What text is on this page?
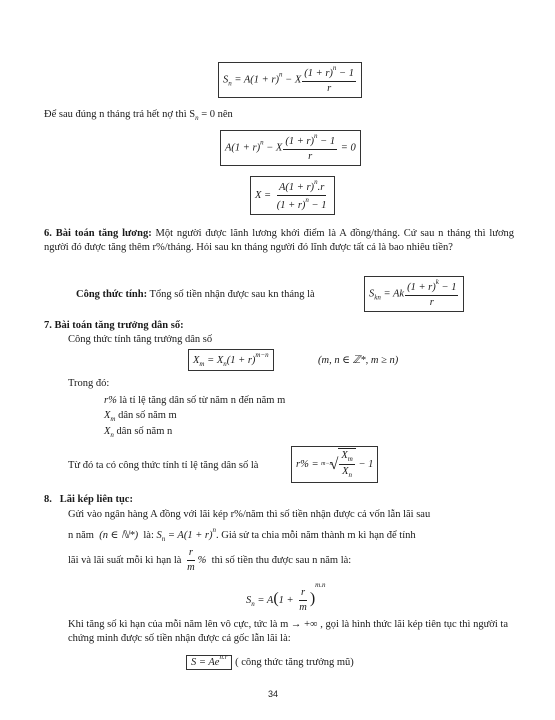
$S_n = A(1 + r)^n - X \frac{(1 + r)^n - 1}{r}$
Để sau đúng n tháng trả hết nợ thì $S_n = 0$ nên
$A(1 + r)^n - X \frac{(1 + r)^n - 1}{r} = 0$
$X = \frac{A(1 + r)^n.r}{(1 + r)^n - 1}$
6. Bài toán tăng lương: Một người được lãnh lương khởi điểm là A đồng/tháng. Cứ sau n tháng thì lương người đó được tăng thêm r%/tháng. Hỏi sau kn tháng người đó lĩnh được tất cả là bao nhiêu tiền?
Công thức tính: Tổng số tiền nhận được sau kn tháng là	$S_{kn} = Ak \frac{(1 + r)^k - 1}{r}$
7. Bài toán tăng trưởng dân số:
Công thức tính tăng trưởng dân số
$X_m = X_n(1 + r)^{m-n}$	(m, n ∈ ℤ*, m ≥ n)
Trong đó:
r% là tỉ lệ tăng dân số từ năm n đến năm m
$X_m$ dân số năm m
$X_n$ dân số năm n
Từ đó ta có công thức tính tỉ lệ tăng dân số là	r% = m−n
√ $\frac{X_m}{X_n} - 1$
8. Lãi kép liên tục:
Gửi vào ngân hàng A đồng với lãi kép r%/năm thì số tiền nhận được cả vốn lẫn lãi sau
n năm (n ∈ ℕ*) là: $S_n = A(1 + r)^n$. Giả sử ta chia mỗi năm thành m kì hạn để tính
lãi và lãi suất mỗi kì hạn là $\frac{r}{m}$ % thì số tiền thu được sau n năm là:
$S_n = A(1 + \frac{r}{m} )^{m.n}$
Khi tăng số kì hạn của mỗi năm lên vô cực, tức là m → +∞ , gọi là hình thức lãi kép tiên tục thì người ta chứng minh được số tiền nhận được cả gốc lẫn lãi là:
$S = Ae^{n.r}$ ( công thức tăng trưởng mũ)
34
